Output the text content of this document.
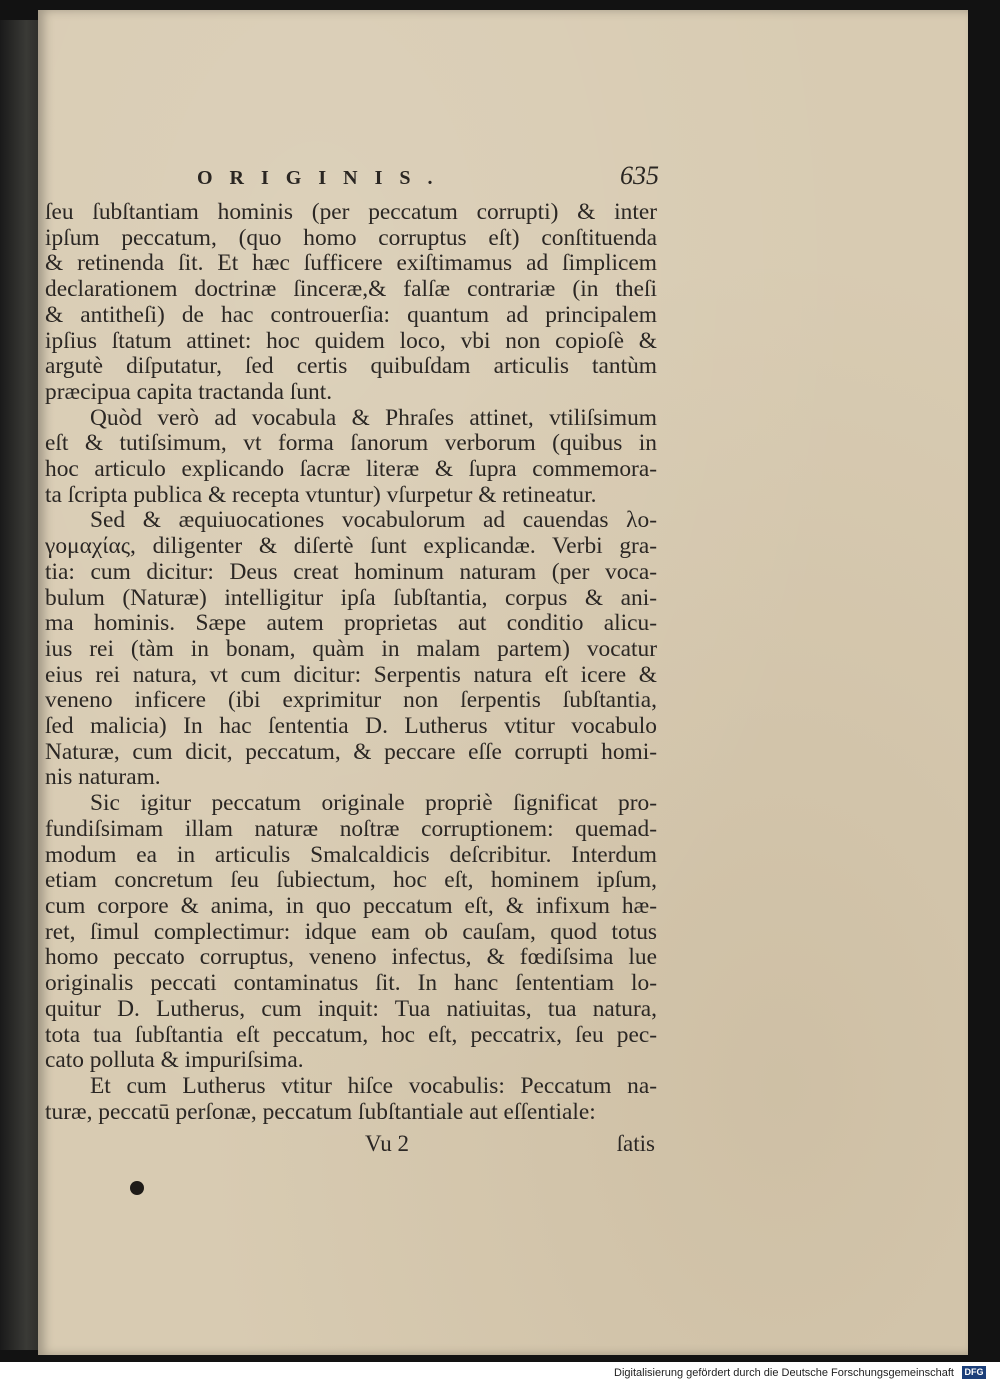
ORIGINIS.	635
ſeu ſubſtantiam hominis (per peccatum corrupti) & inter
ipſum peccatum, (quo homo corruptus eſt) conſtituenda
& retinenda ſit. Et hæc ſufficere exiſtimamus ad ſimplicem
declarationem doctrinæ ſinceræ,& falſæ contrariæ (in theſi
& antitheſi) de hac controuerſia: quantum ad principalem
ipſius ſtatum attinet: hoc quidem loco, vbi non copioſè &
argutè diſputatur, ſed certis quibuſdam articulis tantùm
præcipua capita tractanda ſunt.
Quòd verò ad vocabula & Phraſes attinet, vtiliſsimum
eſt & tutiſsimum, vt forma ſanorum verborum (quibus in
hoc articulo explicando ſacræ literæ & ſupra commemora-
ta ſcripta publica & recepta vtuntur) vſurpetur & retineatur.
Sed & æquiuocationes vocabulorum ad cauendas λο-
γομαχίας, diligenter & diſertè ſunt explicandæ. Verbi gra-
tia: cum dicitur: Deus creat hominum naturam (per voca-
bulum (Naturæ) intelligitur ipſa ſubſtantia, corpus & ani-
ma hominis. Sæpe autem proprietas aut conditio alicu-
ius rei (tàm in bonam, quàm in malam partem) vocatur
eius rei natura, vt cum dicitur: Serpentis natura eſt icere &
veneno inficere (ibi exprimitur non ſerpentis ſubſtantia,
ſed malicia) In hac ſententia D. Lutherus vtitur vocabulo
Naturæ, cum dicit, peccatum, & peccare eſſe corrupti homi-
nis naturam.
Sic igitur peccatum originale propriè ſignificat pro-
fundiſsimam illam naturæ noſtræ corruptionem: quemad-
modum ea in articulis Smalcaldicis deſcribitur. Interdum
etiam concretum ſeu ſubiectum, hoc eſt, hominem ipſum,
cum corpore & anima, in quo peccatum eſt, & infixum hæ-
ret, ſimul complectimur: idque eam ob cauſam, quod totus
homo peccato corruptus, veneno infectus, & fœdiſsima lue
originalis peccati contaminatus ſit. In hanc ſententiam lo-
quitur D. Lutherus, cum inquit: Tua natiuitas, tua natura,
tota tua ſubſtantia eſt peccatum, hoc eſt, peccatrix, ſeu pec-
cato polluta & impuriſsima.
Et cum Lutherus vtitur hiſce vocabulis: Peccatum na-
turæ, peccatū perſonæ, peccatum ſubſtantiale aut eſſentiale:
Vu 2	ſatis
Digitalisierung gefördert durch die Deutsche Forschungsgemeinschaft DFG
